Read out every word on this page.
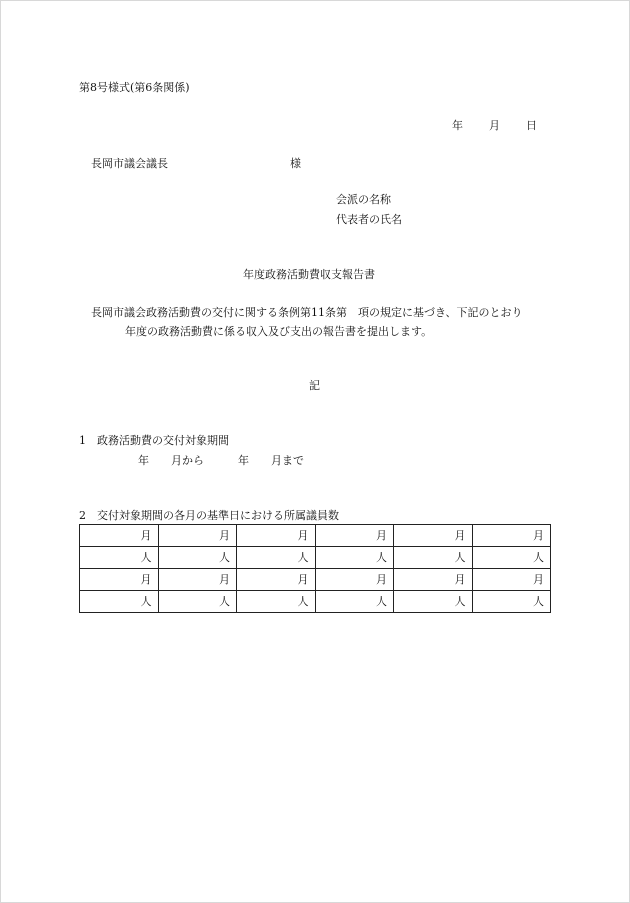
第8号様式(第6条関係)
年 月 日
長岡市議会議長	様
会派の名称
代表者の氏名
年度政務活動費収支報告書
長岡市議会政務活動費の交付に関する条例第11条第　項の規定に基づき、下記のとおり
年度の政務活動費に係る収入及び支出の報告書を提出します。
記
1　政務活動費の交付対象期間
年 月から	年 月まで
2　交付対象期間の各月の基準日における所属議員数
月	月	月	月	月	月
人	人	人	人	人	人
月	月	月	月	月	月
人	人	人	人	人	人
